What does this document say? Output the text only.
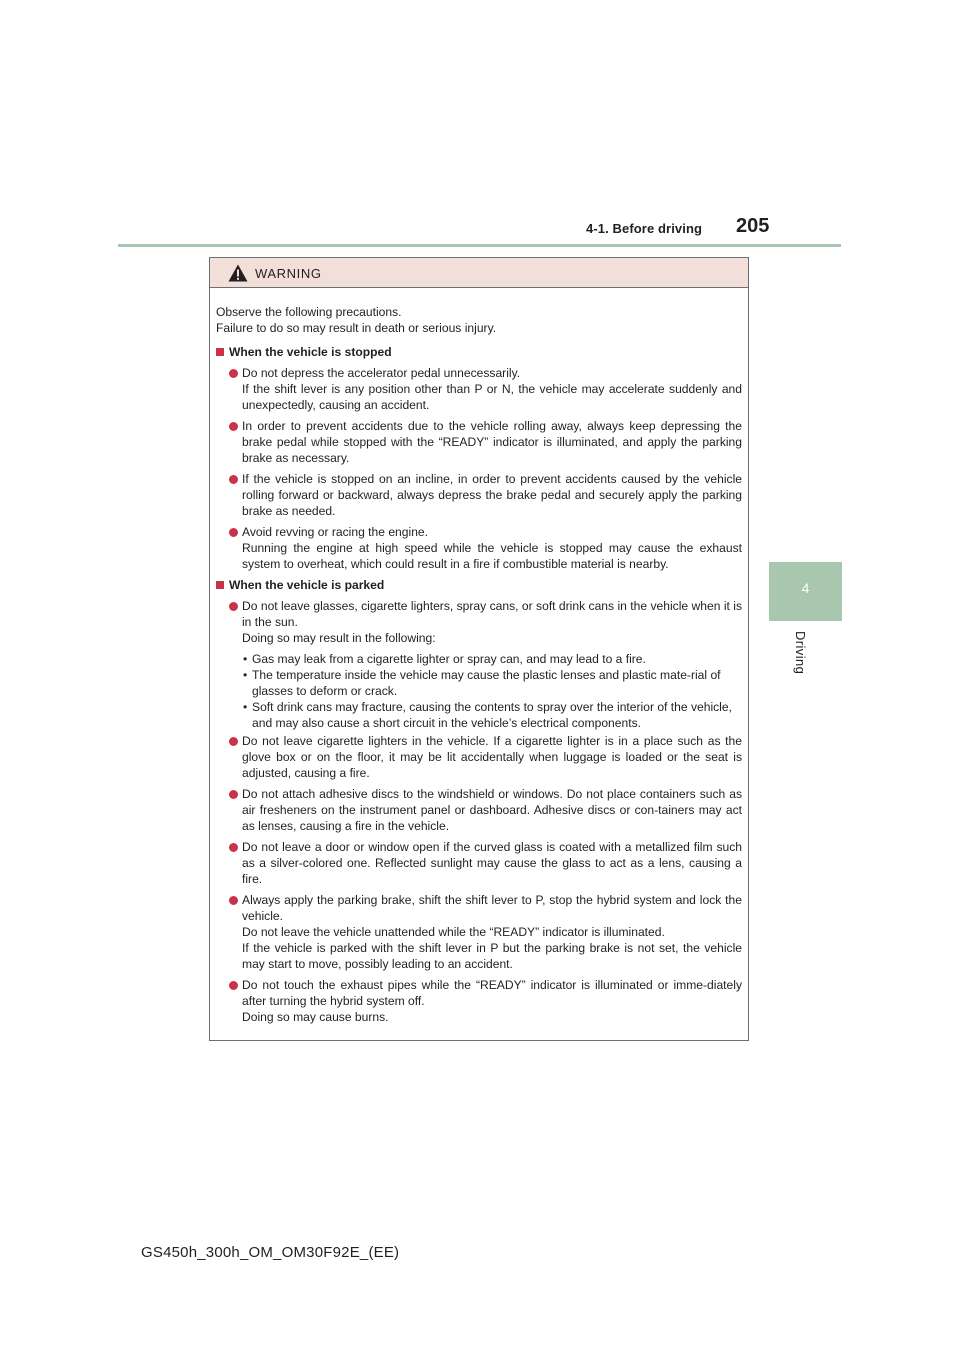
4-1. Before driving 205
4
Driving
WARNING
Observe the following precautions.
Failure to do so may result in death or serious injury.
When the vehicle is stopped
Do not depress the accelerator pedal unnecessarily.
If the shift lever is any position other than P or N, the vehicle may accelerate suddenly and unexpectedly, causing an accident.
In order to prevent accidents due to the vehicle rolling away, always keep depressing the brake pedal while stopped with the “READY” indicator is illuminated, and apply the parking brake as necessary.
If the vehicle is stopped on an incline, in order to prevent accidents caused by the vehicle rolling forward or backward, always depress the brake pedal and securely apply the parking brake as needed.
Avoid revving or racing the engine.
Running the engine at high speed while the vehicle is stopped may cause the exhaust system to overheat, which could result in a fire if combustible material is nearby.
When the vehicle is parked
Do not leave glasses, cigarette lighters, spray cans, or soft drink cans in the vehicle when it is in the sun.
Doing so may result in the following:
• Gas may leak from a cigarette lighter or spray can, and may lead to a fire.
• The temperature inside the vehicle may cause the plastic lenses and plastic mate-rial of glasses to deform or crack.
• Soft drink cans may fracture, causing the contents to spray over the interior of the vehicle, and may also cause a short circuit in the vehicle’s electrical components.
Do not leave cigarette lighters in the vehicle. If a cigarette lighter is in a place such as the glove box or on the floor, it may be lit accidentally when luggage is loaded or the seat is adjusted, causing a fire.
Do not attach adhesive discs to the windshield or windows. Do not place containers such as air fresheners on the instrument panel or dashboard. Adhesive discs or con-tainers may act as lenses, causing a fire in the vehicle.
Do not leave a door or window open if the curved glass is coated with a metallized film such as a silver-colored one. Reflected sunlight may cause the glass to act as a lens, causing a fire.
Always apply the parking brake, shift the shift lever to P, stop the hybrid system and lock the vehicle.
Do not leave the vehicle unattended while the “READY” indicator is illuminated.
If the vehicle is parked with the shift lever in P but the parking brake is not set, the vehicle may start to move, possibly leading to an accident.
Do not touch the exhaust pipes while the “READY” indicator is illuminated or imme-diately after turning the hybrid system off.
Doing so may cause burns.
GS450h_300h_OM_OM30F92E_(EE)
